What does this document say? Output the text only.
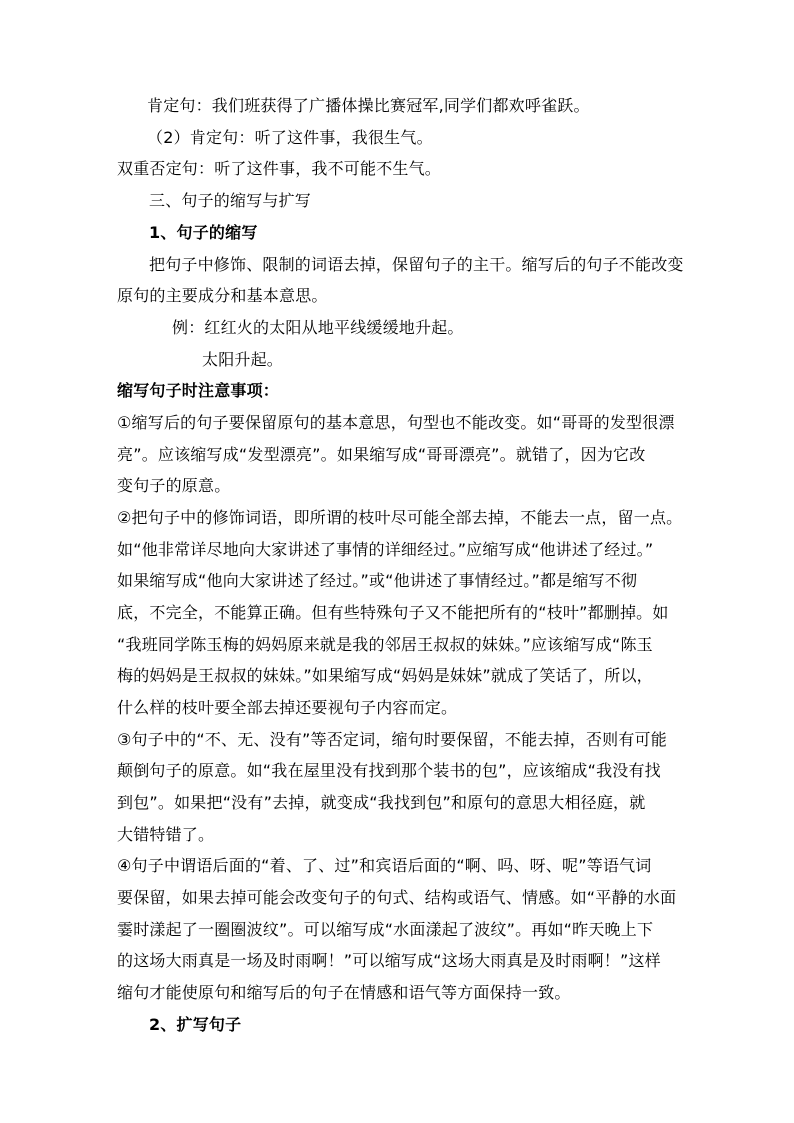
肯定句：我们班获得了广播体操比赛冠军,同学们都欢呼雀跃。
（2）肯定句：听了这件事，我很生气。
双重否定句：听了这件事，我不可能不生气。
三、句子的缩写与扩写
1、句子的缩写
把句子中修饰、限制的词语去掉，保留句子的主干。缩写后的句子不能改变
原句的主要成分和基本意思。
例：红红火的太阳从地平线缓缓地升起。
太阳升起。
缩写句子时注意事项：
①缩写后的句子要保留原句的基本意思，句型也不能改变。如“哥哥的发型很漂
亮”。应该缩写成“发型漂亮”。如果缩写成“哥哥漂亮”。就错了，因为它改
变句子的原意。
②把句子中的修饰词语，即所谓的枝叶尽可能全部去掉，不能去一点，留一点。
如“他非常详尽地向大家讲述了事情的详细经过。”应缩写成“他讲述了经过。”
如果缩写成“他向大家讲述了经过。”或“他讲述了事情经过。”都是缩写不彻
底，不完全，不能算正确。但有些特殊句子又不能把所有的“枝叶”都删掉。如
“我班同学陈玉梅的妈妈原来就是我的邻居王叔叔的妹妹。”应该缩写成“陈玉
梅的妈妈是王叔叔的妹妹。”如果缩写成“妈妈是妹妹”就成了笑话了，所以，
什么样的枝叶要全部去掉还要视句子内容而定。
③句子中的“不、无、没有”等否定词，缩句时要保留，不能去掉，否则有可能
颠倒句子的原意。如“我在屋里没有找到那个装书的包”，应该缩成“我没有找
到包”。如果把“没有”去掉，就变成“我找到包”和原句的意思大相径庭，就
大错特错了。
④句子中谓语后面的“着、了、过”和宾语后面的“啊、吗、呀、呢”等语气词
要保留，如果去掉可能会改变句子的句式、结构或语气、情感。如“平静的水面
霎时漾起了一圈圈波纹”。可以缩写成“水面漾起了波纹”。再如“昨天晚上下
的这场大雨真是一场及时雨啊！”可以缩写成“这场大雨真是及时雨啊！”这样
缩句才能使原句和缩写后的句子在情感和语气等方面保持一致。
2、扩写句子
